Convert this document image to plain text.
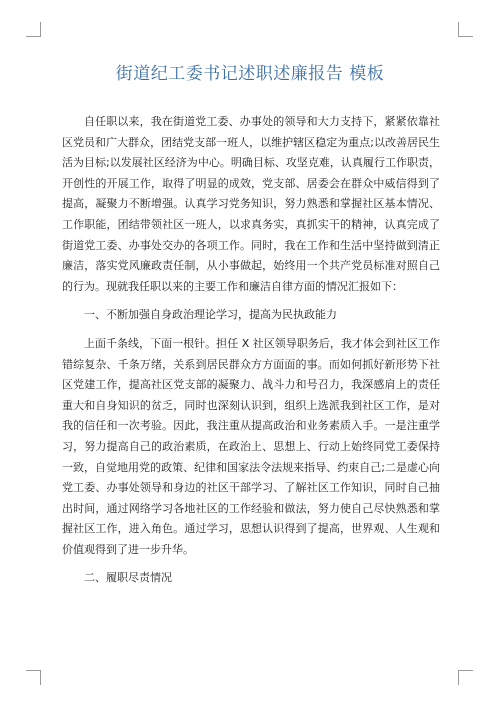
街道纪工委书记述职述廉报告 模板

自任职以来，我在街道党工委、办事处的领导和大力支持下，紧紧依靠社区党员和广大群众，团结党支部一班人，以维护辖区稳定为重点;以改善居民生活为目标;以发展社区经济为中心。明确目标、攻坚克难，认真履行工作职责，开创性的开展工作，取得了明显的成效，党支部、居委会在群众中威信得到了提高，凝聚力不断增强。认真学习党务知识，努力熟悉和掌握社区基本情况、工作职能，团结带领社区一班人，以求真务实，真抓实干的精神，认真完成了街道党工委、办事处交办的各项工作。同时，我在工作和生活中坚持做到清正廉洁，落实党风廉政责任制，从小事做起，始终用一个共产党员标准对照自己的行为。现就我任职以来的主要工作和廉洁自律方面的情况汇报如下：

一、不断加强自身政治理论学习，提高为民执政能力

上面千条线，下面一根针。担任 X 社区领导职务后，我才体会到社区工作错综复杂、千条万绪，关系到居民群众方方面面的事。而如何抓好新形势下社区党建工作，提高社区党支部的凝聚力、战斗力和号召力，我深感肩上的责任重大和自身知识的贫乏，同时也深刻认识到，组织上选派我到社区工作，是对我的信任和一次考验。因此，我注重从提高政治和业务素质入手。一是注重学习，努力提高自己的政治素质，在政治上、思想上、行动上始终同党工委保持一致，自觉地用党的政策、纪律和国家法令法规来指导、约束自己;二是虚心向党工委、办事处领导和身边的社区干部学习、了解社区工作知识，同时自己抽出时间，通过网络学习各地社区的工作经验和做法，努力使自己尽快熟悉和掌握社区工作，进入角色。通过学习，思想认识得到了提高，世界观、人生观和价值观得到了进一步升华。

二、履职尽责情况
